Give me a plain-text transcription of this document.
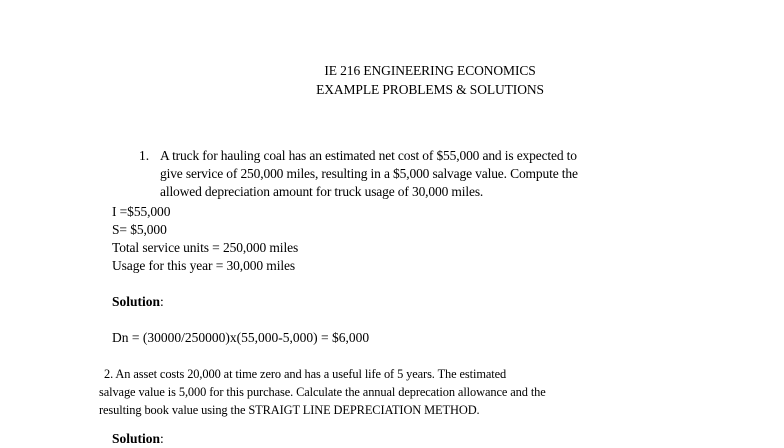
IE 216 ENGINEERING ECONOMICS
EXAMPLE PROBLEMS & SOLUTIONS
1. A truck for hauling coal has an estimated net cost of $55,000 and is expected to
give service of 250,000 miles, resulting in a $5,000 salvage value. Compute the
allowed depreciation amount for truck usage of 30,000 miles.
I =$55,000
S= $5,000
Total service units = 250,000 miles
Usage for this year = 30,000 miles
Solution:
Dn = (30000/250000)x(55,000-5,000) = $6,000
2. An asset costs 20,000 at time zero and has a useful life of 5 years. The estimated
salvage value is 5,000 for this purchase. Calculate the annual deprecation allowance and the
resulting book value using the STRAIGT LINE DEPRECIATION METHOD.
Solution:
